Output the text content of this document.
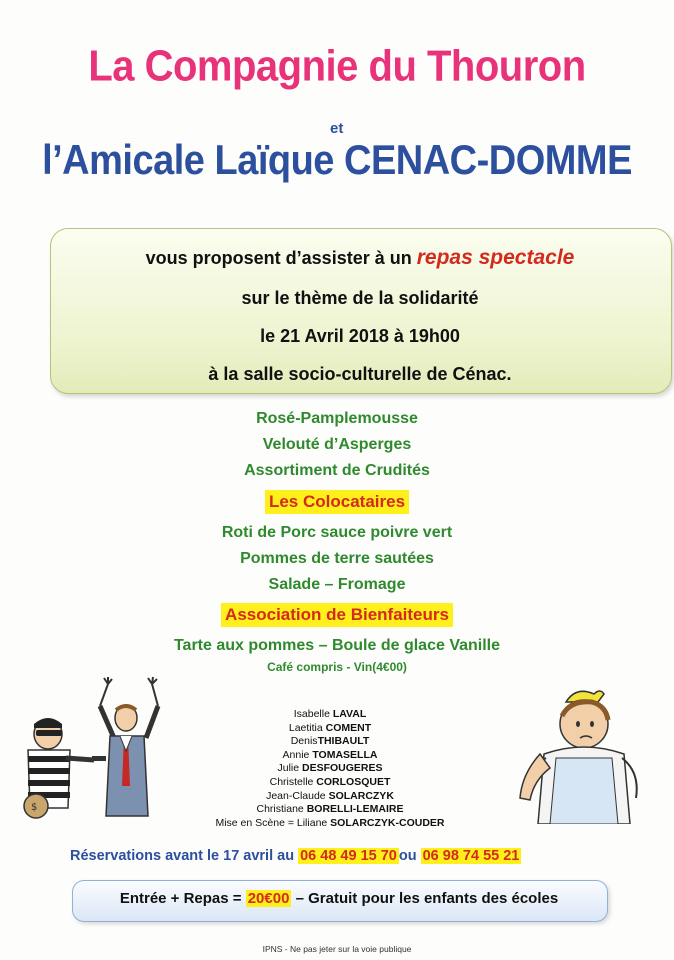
La Compagnie du Thouron
et
l’Amicale Laïque CENAC-DOMME
vous proposent d’assister à un repas spectacle
sur le thème de la solidarité
le 21 Avril 2018 à 19h00
à la salle socio-culturelle de Cénac.
Rosé-Pamplemousse
Velouté d’Asperges
Assortiment de Crudités
Les Colocataires
Roti de Porc sauce poivre vert
Pommes de terre sautées
Salade – Fromage
Association de Bienfaiteurs
Tarte aux pommes – Boule de glace Vanille
Café compris - Vin(4€00)
$
Isabelle LAVAL
Laetitia COMENT
DenisTHIBAULT
Annie TOMASELLA
Julie DESFOUGERES
Christelle CORLOSQUET
Jean-Claude SOLARCZYK
Christiane BORELLI-LEMAIRE
Mise en Scène = Liliane SOLARCZYK-COUDER
Réservations avant le 17 avril au 06 48 49 15 70 ou 06 98 74 55 21
Entrée + Repas = 20€00 – Gratuit pour les enfants des écoles
IPNS - Ne pas jeter sur la voie publique
